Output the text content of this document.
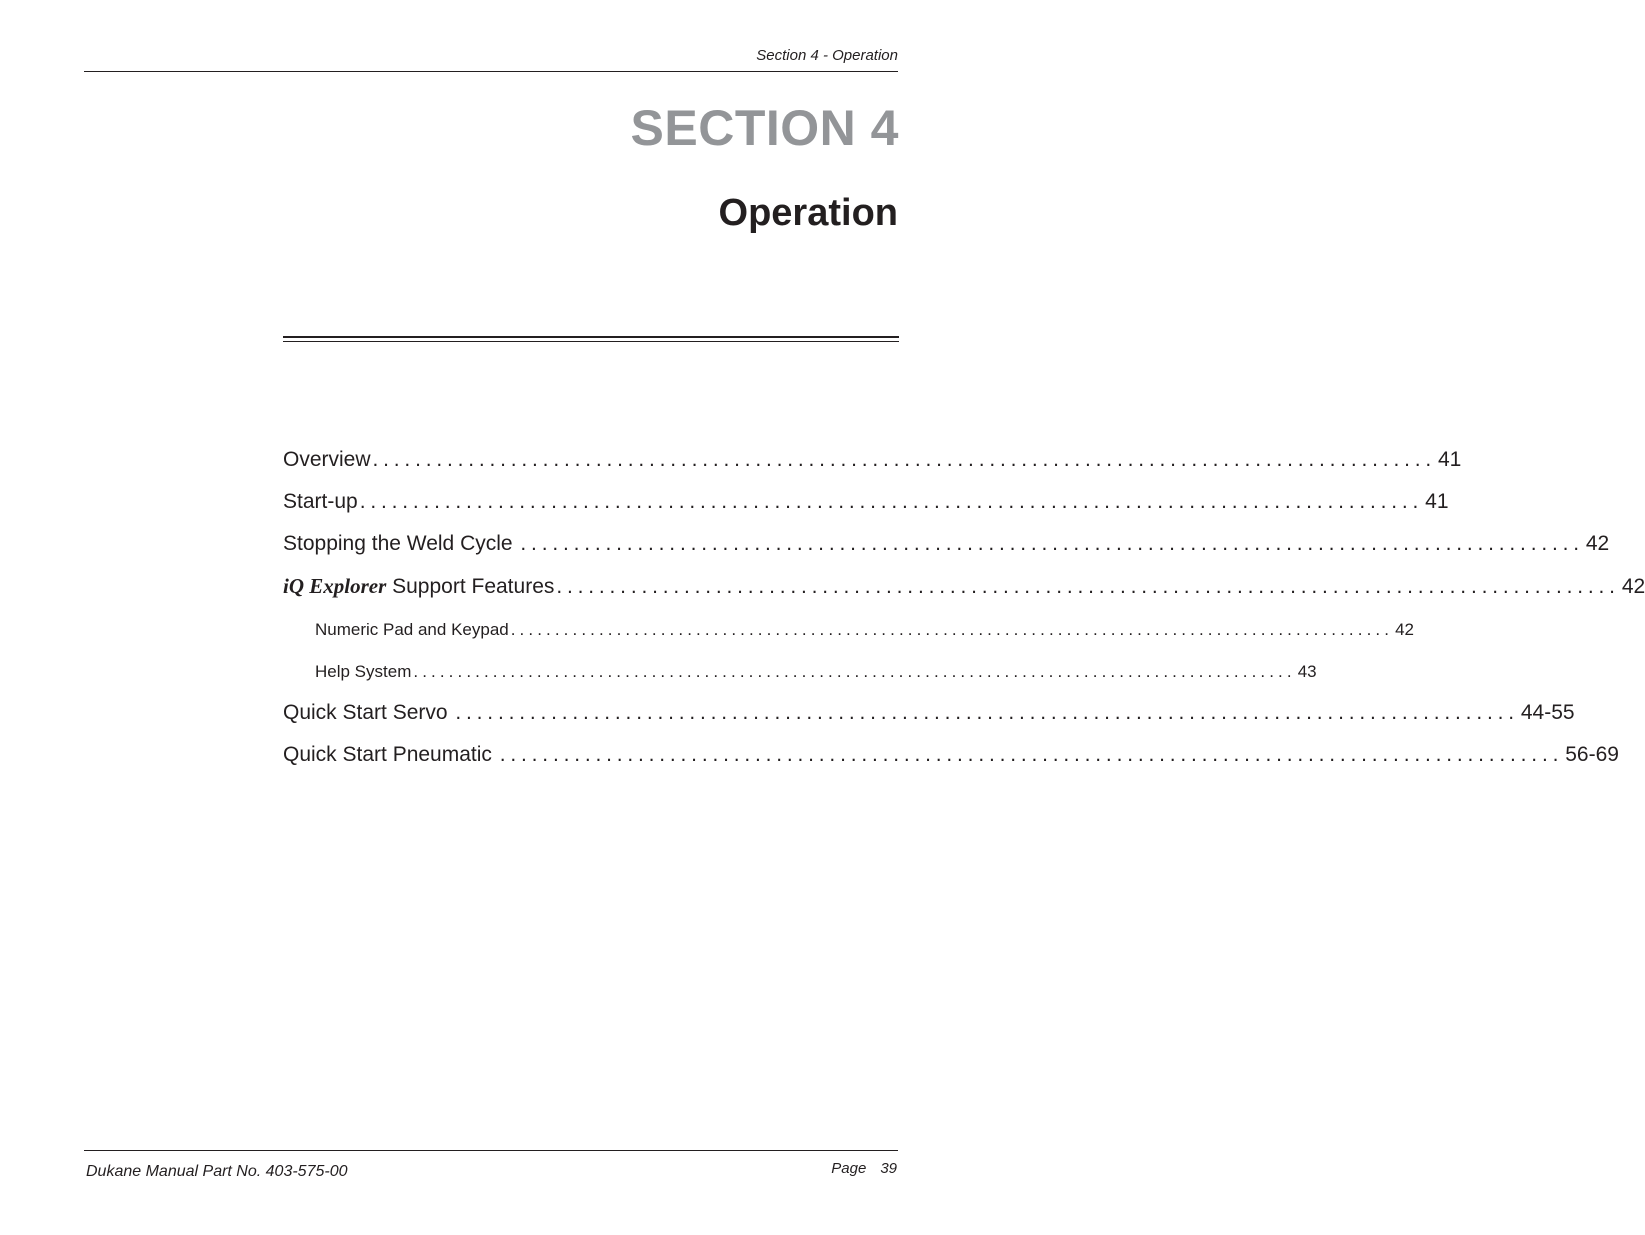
Section 4 - Operation
SECTION 4
Operation
Overview .................................................................................................... 41
Start-up .................................................................................................... 41
Stopping the Weld Cycle .................................................................................................... 42
iQ Explorer Support Features .................................................................................................... 42
Numeric Pad and Keypad .................................................................................................... 42
Help System .................................................................................................... 43
Quick Start Servo .................................................................................................... 44-55
Quick Start Pneumatic .................................................................................................... 56-69
Dukane Manual Part No. 403-575-00	Page 39
